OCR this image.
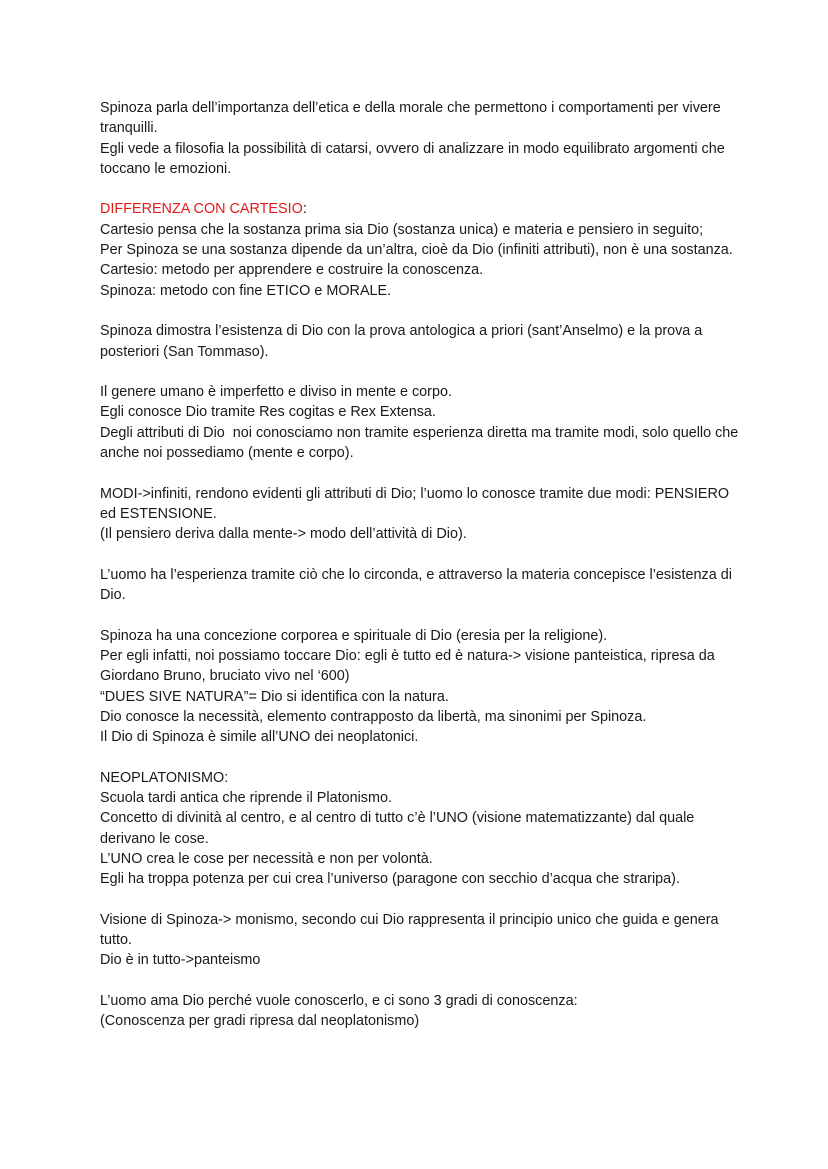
Spinoza parla dell’importanza dell’etica e della morale che permettono i comportamenti per vivere tranquilli.
Egli vede a filosofia la possibilità di catarsi, ovvero di analizzare in modo equilibrato argomenti che toccano le emozioni.
DIFFERENZA CON CARTESIO:
Cartesio pensa che la sostanza prima sia Dio (sostanza unica) e materia e pensiero in seguito;
Per Spinoza se una sostanza dipende da un’altra, cioè da Dio (infiniti attributi), non è una sostanza.
Cartesio: metodo per apprendere e costruire la conoscenza.
Spinoza: metodo con fine ETICO e MORALE.
Spinoza dimostra l’esistenza di Dio con la prova antologica a priori (sant’Anselmo) e la prova a posteriori (San Tommaso).
Il genere umano è imperfetto e diviso in mente e corpo.
Egli conosce Dio tramite Res cogitas e Rex Extensa.
Degli attributi di Dio  noi conosciamo non tramite esperienza diretta ma tramite modi, solo quello che anche noi possediamo (mente e corpo).
MODI->infiniti, rendono evidenti gli attributi di Dio; l’uomo lo conosce tramite due modi: PENSIERO ed ESTENSIONE.
(Il pensiero deriva dalla mente-> modo dell’attività di Dio).
L’uomo ha l’esperienza tramite ciò che lo circonda, e attraverso la materia concepisce l’esistenza di Dio.
Spinoza ha una concezione corporea e spirituale di Dio (eresia per la religione).
Per egli infatti, noi possiamo toccare Dio: egli è tutto ed è natura-> visione panteistica, ripresa da Giordano Bruno, bruciato vivo nel ‘600)
“DUES SIVE NATURA”= Dio si identifica con la natura.
Dio conosce la necessità, elemento contrapposto da libertà, ma sinonimi per Spinoza.
Il Dio di Spinoza è simile all’UNO dei neoplatonici.
NEOPLATONISMO:
Scuola tardi antica che riprende il Platonismo.
Concetto di divinità al centro, e al centro di tutto c’è l’UNO (visione matematizzante) dal quale derivano le cose.
L’UNO crea le cose per necessità e non per volontà.
Egli ha troppa potenza per cui crea l’universo (paragone con secchio d’acqua che straripa).
Visione di Spinoza-> monismo, secondo cui Dio rappresenta il principio unico che guida e genera tutto.
Dio è in tutto->panteismo
L’uomo ama Dio perché vuole conoscerlo, e ci sono 3 gradi di conoscenza:
(Conoscenza per gradi ripresa dal neoplatonismo)
